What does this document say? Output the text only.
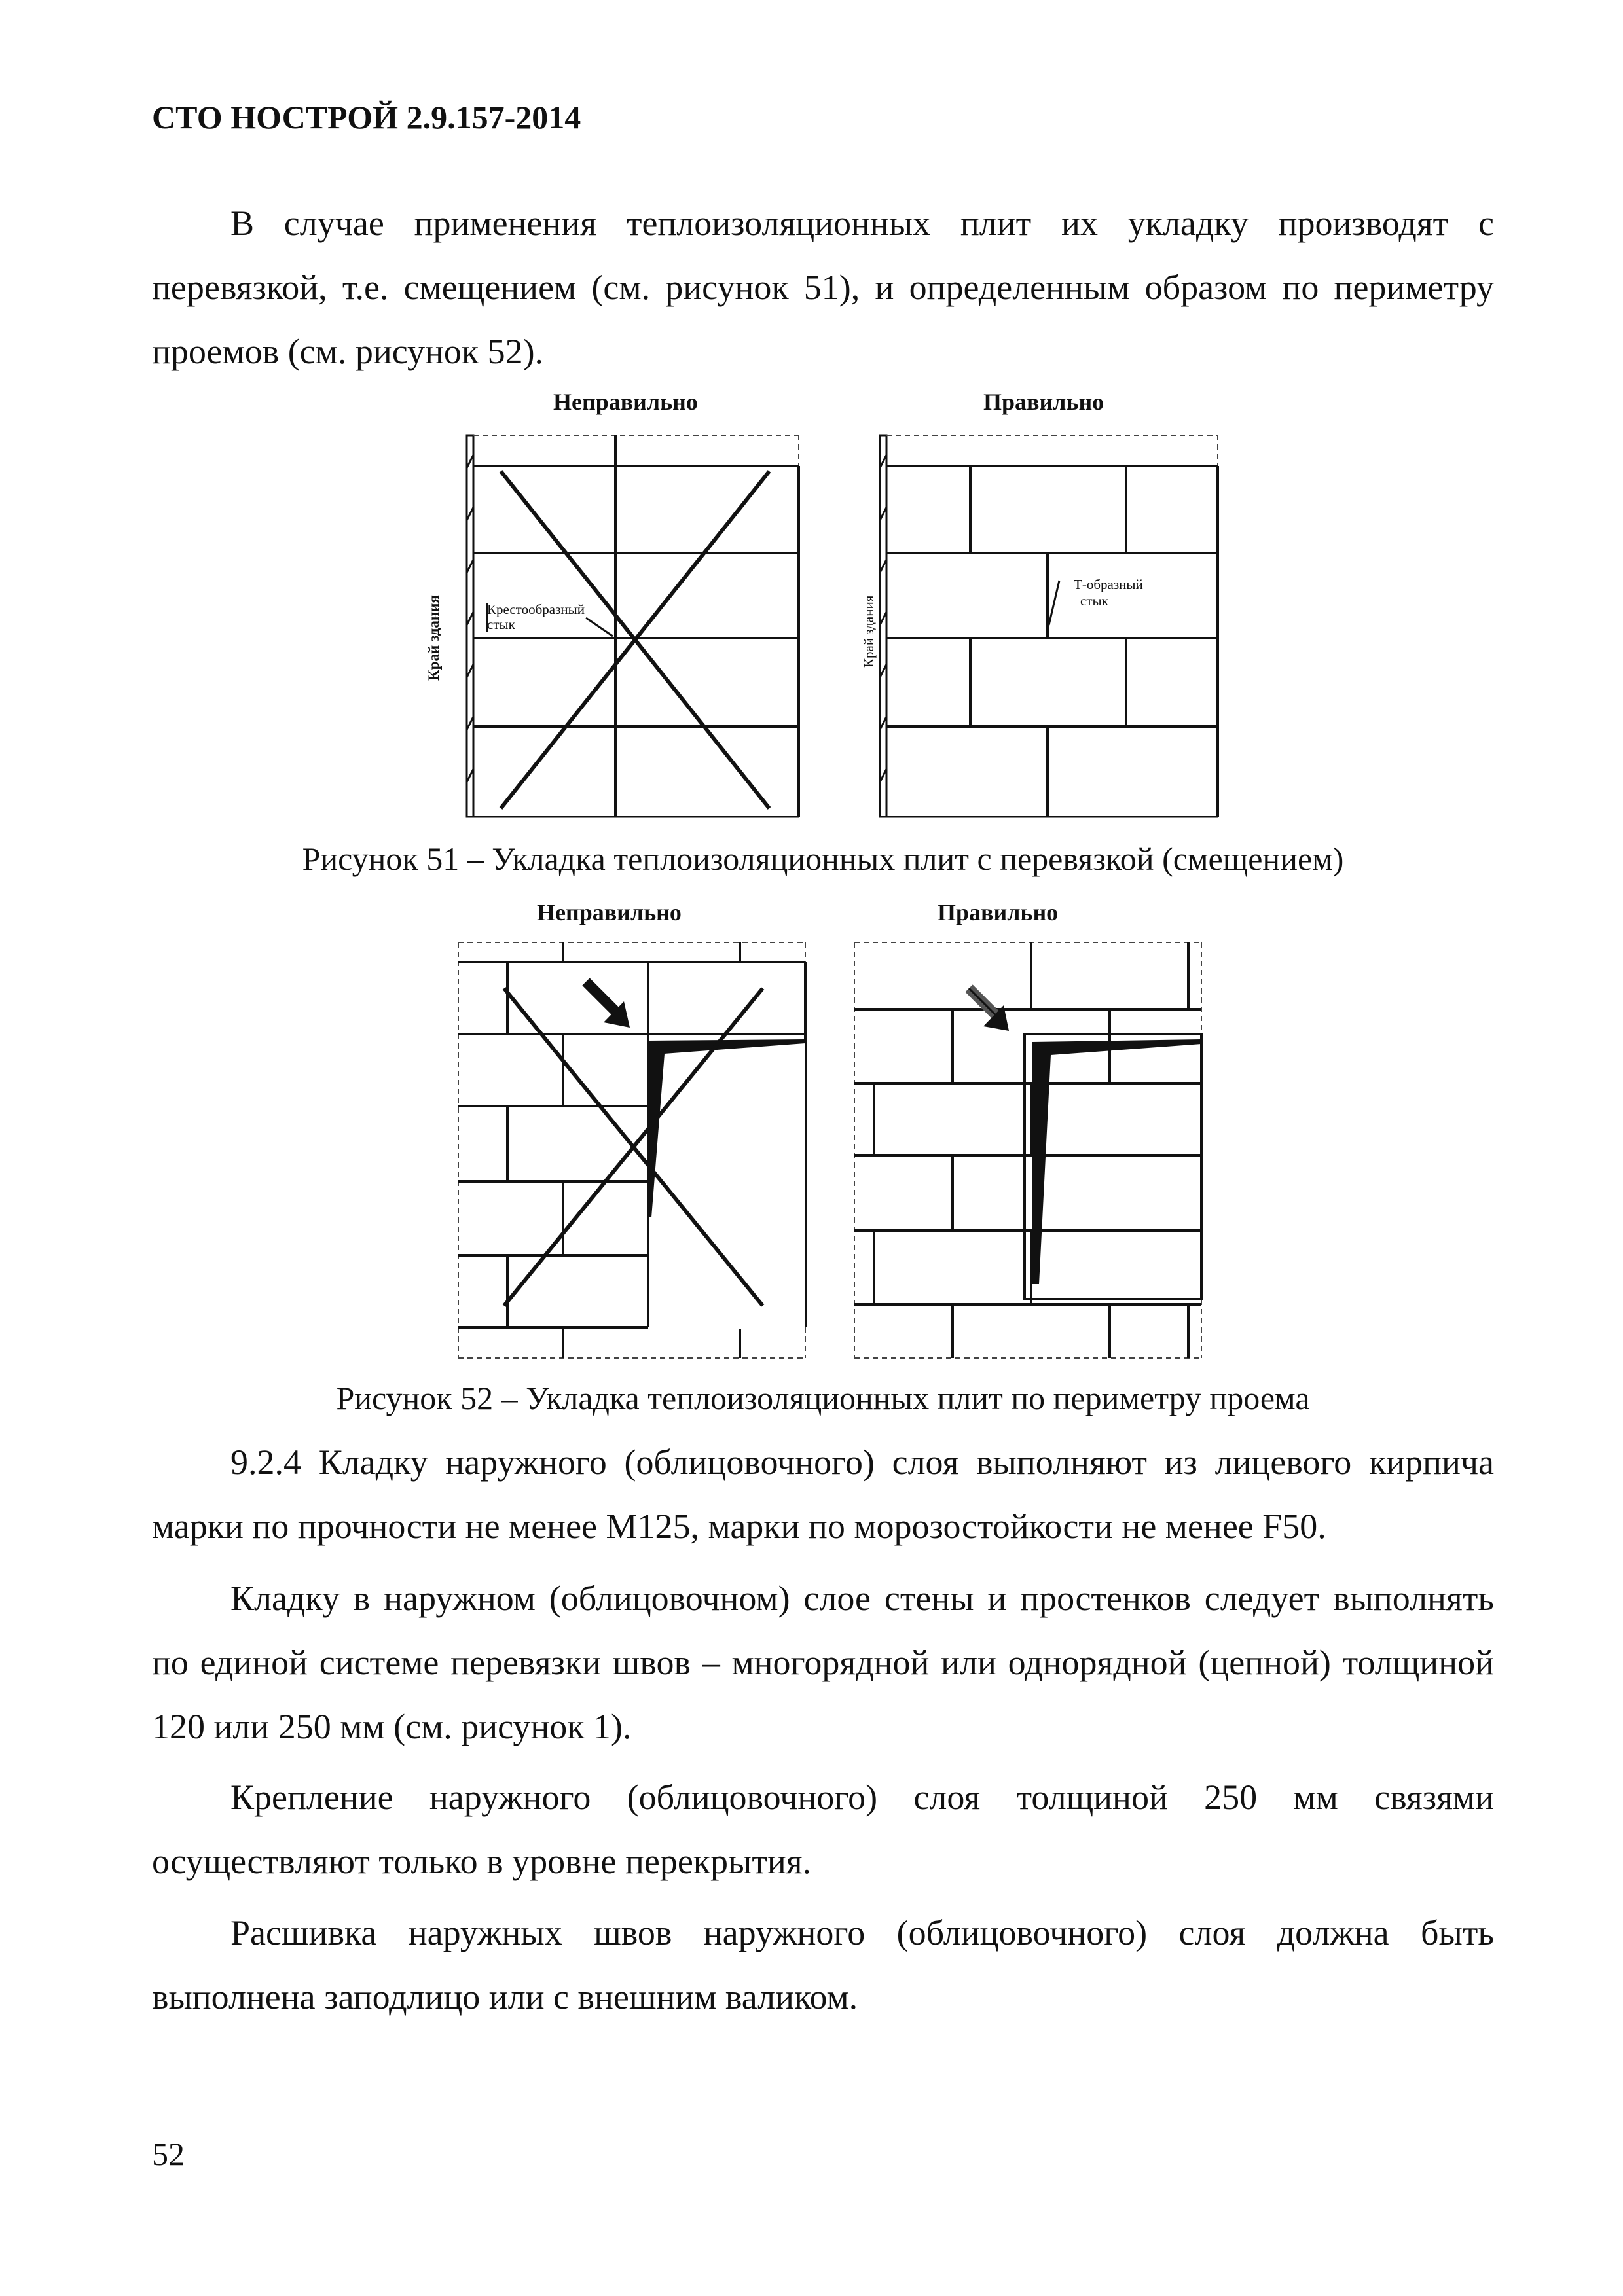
СТО НОСТРОЙ 2.9.157-2014
В случае применения теплоизоляционных плит их укладку производят с перевязкой, т.е. смещением (см. рисунок 51), и определенным образом по периметру проемов (см. рисунок 52).
Неправильно	Правильно
Крестообразный
стык
Край здания
Т-образный
стык
Край здания
Рисунок 51 – Укладка теплоизоляционных плит с перевязкой (смещением)
Неправильно	Правильно
Рисунок 52 – Укладка теплоизоляционных плит по периметру проема
9.2.4 Кладку наружного (облицовочного) слоя выполняют из лицевого кирпича марки по прочности не менее М125, марки по морозостойкости не менее F50.
Кладку в наружном (облицовочном) слое стены и простенков следует выполнять по единой системе перевязки швов – многорядной или однорядной (цепной) толщиной 120 или 250 мм (см. рисунок 1).
Крепление наружного (облицовочного) слоя толщиной 250 мм связями осуществляют только в уровне перекрытия.
Расшивка наружных швов наружного (облицовочного) слоя должна быть выполнена заподлицо или с внешним валиком.
52
